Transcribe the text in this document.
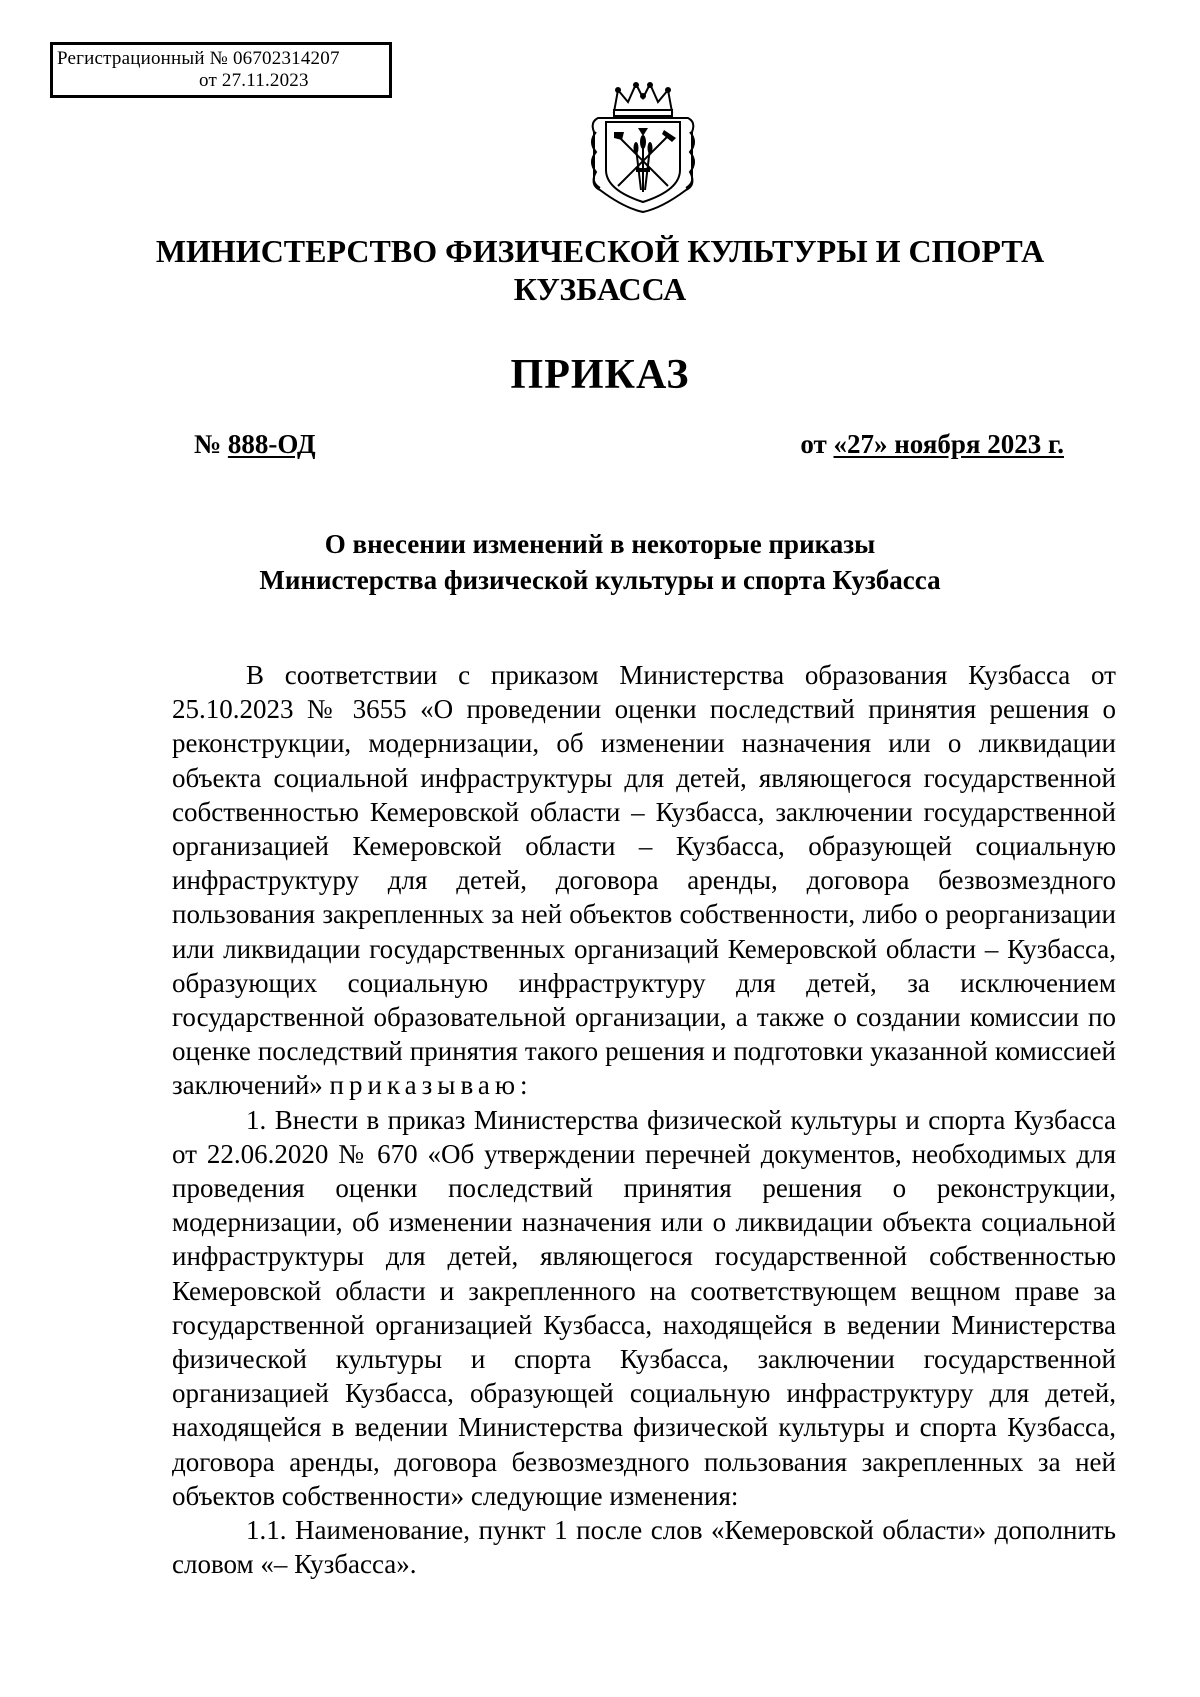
Регистрационный № 06702314207
от 27.11.2023
МИНИСТЕРСТВО ФИЗИЧЕСКОЙ КУЛЬТУРЫ И СПОРТА
КУЗБАССА
ПРИКАЗ
№ 888-ОД	от «27» ноября 2023 г.
О внесении изменений в некоторые приказы
Министерства физической культуры и спорта Кузбасса

В соответствии с приказом Министерства образования Кузбасса от 25.10.2023 № 3655 «О проведении оценки последствий принятия решения о реконструкции, модернизации, об изменении назначения или о ликвидации объекта социальной инфраструктуры для детей, являющегося государственной собственностью Кемеровской области – Кузбасса, заключении государственной организацией Кемеровской области – Кузбасса, образующей социальную инфраструктуру для детей, договора аренды, договора безвозмездного пользования закрепленных за ней объектов собственности, либо о реорганизации или ликвидации государственных организаций Кемеровской области – Кузбасса, образующих социальную инфраструктуру для детей, за исключением государственной образовательной организации, а также о создании комиссии по оценке последствий принятия такого решения и подготовки указанной комиссией заключений» приказываю:

1. Внести в приказ Министерства физической культуры и спорта Кузбасса от 22.06.2020 № 670 «Об утверждении перечней документов, необходимых для проведения оценки последствий принятия решения о реконструкции, модернизации, об изменении назначения или о ликвидации объекта социальной инфраструктуры для детей, являющегося государственной собственностью Кемеровской области и закрепленного на соответствующем вещном праве за государственной организацией Кузбасса, находящейся в ведении Министерства физической культуры и спорта Кузбасса, заключении государственной организацией Кузбасса, образующей социальную инфраструктуру для детей, находящейся в ведении Министерства физической культуры и спорта Кузбасса, договора аренды, договора безвозмездного пользования закрепленных за ней объектов собственности» следующие изменения:

1.1. Наименование, пункт 1 после слов «Кемеровской области» дополнить словом «– Кузбасса».
